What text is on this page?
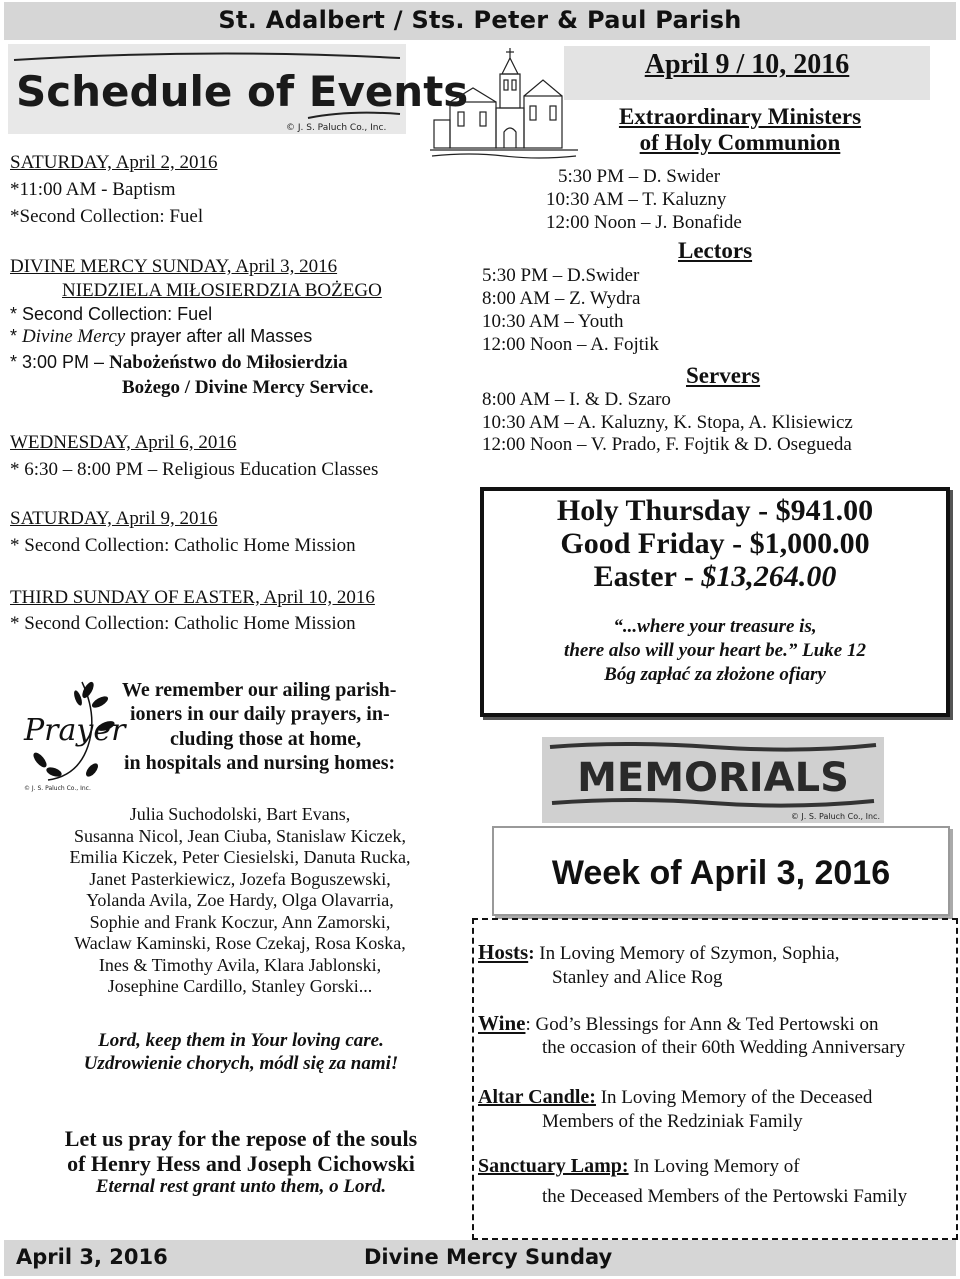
St. Adalbert / Sts. Peter & Paul Parish
April 9 / 10, 2016
Schedule of Events
© J. S. Paluch Co., Inc.
SATURDAY, April 2, 2016
*11:00 AM - Baptism
*Second Collection: Fuel
DIVINE MERCY SUNDAY, April 3, 2016
NIEDZIELA MIŁOSIERDZIA BOŻEGO
* Second Collection: Fuel
* Divine Mercy prayer after all Masses
* 3:00 PM – Nabożeństwo do Miłosierdzia
Bożego / Divine Mercy Service.
WEDNESDAY, April 6, 2016
* 6:30 – 8:00 PM – Religious Education Classes
SATURDAY, April 9, 2016
* Second Collection: Catholic Home Mission
THIRD SUNDAY OF EASTER, April 10, 2016
* Second Collection: Catholic Home Mission
Prayer
© J. S. Paluch Co., Inc.
We remember our ailing parish-
ioners in our daily prayers, in-
cluding those at home,
in hospitals and nursing homes:
Julia Suchodolski, Bart Evans,
Susanna Nicol, Jean Ciuba, Stanislaw Kiczek,
Emilia Kiczek, Peter Ciesielski, Danuta Rucka,
Janet Pasterkiewicz, Jozefa Boguszewski,
Yolanda Avila, Zoe Hardy, Olga Olavarria,
Sophie and Frank Koczur, Ann Zamorski,
Waclaw Kaminski, Rose Czekaj, Rosa Koska,
Ines & Timothy Avila, Klara Jablonski,
Josephine Cardillo, Stanley Gorski...
Lord, keep them in Your loving care.
Uzdrowienie chorych, módl się za nami!
Let us pray for the repose of the souls
of Henry Hess and Joseph Cichowski
Eternal rest grant unto them, o Lord.
Extraordinary Ministers
of Holy Communion
5:30 PM – D. Swider
10:30 AM – T. Kaluzny
12:00 Noon – J. Bonafide
Lectors
5:30 PM – D.Swider
8:00 AM – Z. Wydra
10:30 AM – Youth
12:00 Noon – A. Fojtik
Servers
8:00 AM – I. & D. Szaro
10:30 AM – A. Kaluzny, K. Stopa, A. Klisiewicz
12:00 Noon – V. Prado, F. Fojtik & D. Osegueda
Holy Thursday - $941.00
Good Friday - $1,000.00
Easter - $13,264.00
“...where your treasure is,
there also will your heart be.” Luke 12
Bóg zapłać za złożone ofiary
MEMORIALS
© J. S. Paluch Co., Inc.
Week of April 3, 2016
Hosts: In Loving Memory of Szymon, Sophia,
Stanley and Alice Rog
Wine: God’s Blessings for Ann & Ted Pertowski on
the occasion of their 60th Wedding Anniversary
Altar Candle: In Loving Memory of the Deceased
Members of the Redziniak Family
Sanctuary Lamp: In Loving Memory of
the Deceased Members of the Pertowski Family
April 3, 2016	Divine Mercy Sunday
